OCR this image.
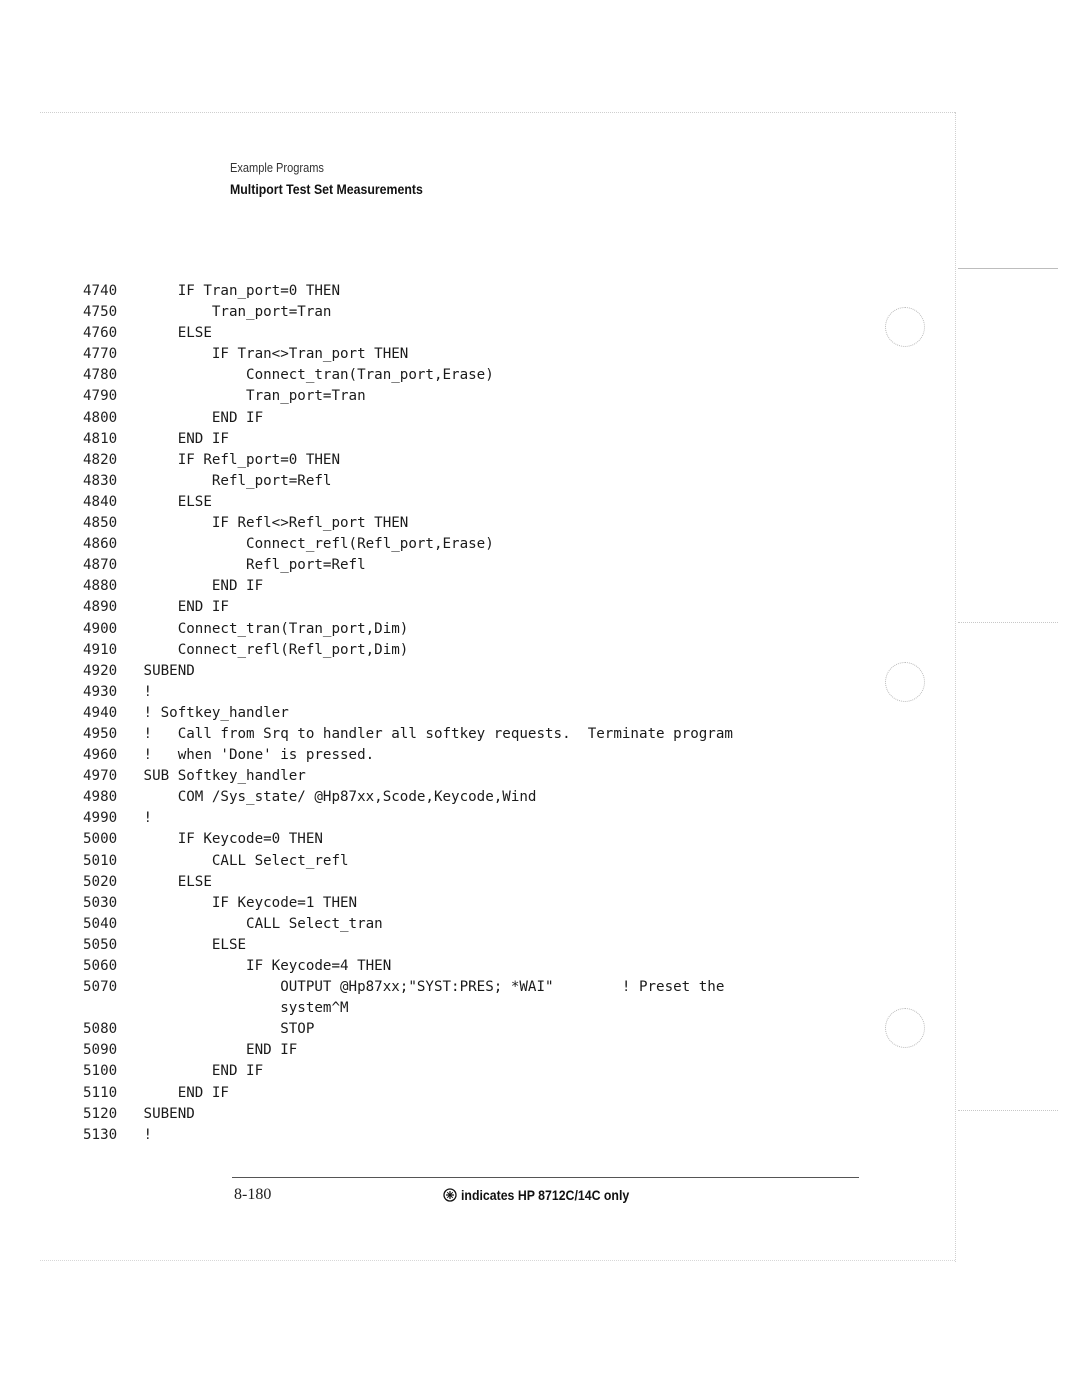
Example Programs
Multiport Test Set Measurements
4740	IF Tran_port=0 THEN
4750	Tran_port=Tran
4760	ELSE
4770	IF Tran<>Tran_port THEN
4780	Connect_tran(Tran_port,Erase)
4790	Tran_port=Tran
4800	END IF
4810	END IF
4820	IF Refl_port=0 THEN
4830	Refl_port=Refl
4840	ELSE
4850	IF Refl<>Refl_port THEN
4860	Connect_refl(Refl_port,Erase)
4870	Refl_port=Refl
4880	END IF
4890	END IF
4900	Connect_tran(Tran_port,Dim)
4910	Connect_refl(Refl_port,Dim)
4920	SUBEND
4930	!
4940	! Softkey_handler
4950	!   Call from Srq to handler all softkey requests.  Terminate program
4960	!   when 'Done' is pressed.
4970	SUB Softkey_handler
4980	COM /Sys_state/ @Hp87xx,Scode,Keycode,Wind
4990	!
5000	IF Keycode=0 THEN
5010	CALL Select_refl
5020	ELSE
5030	IF Keycode=1 THEN
5040	CALL Select_tran
5050	ELSE
5060	IF Keycode=4 THEN
5070	OUTPUT @Hp87xx;"SYST:PRES; *WAI"        ! Preset the
system^M
5080	STOP
5090	END IF
5100	END IF
5110	END IF
5120	SUBEND
5130	!
8-180	indicates HP 8712C/14C only
